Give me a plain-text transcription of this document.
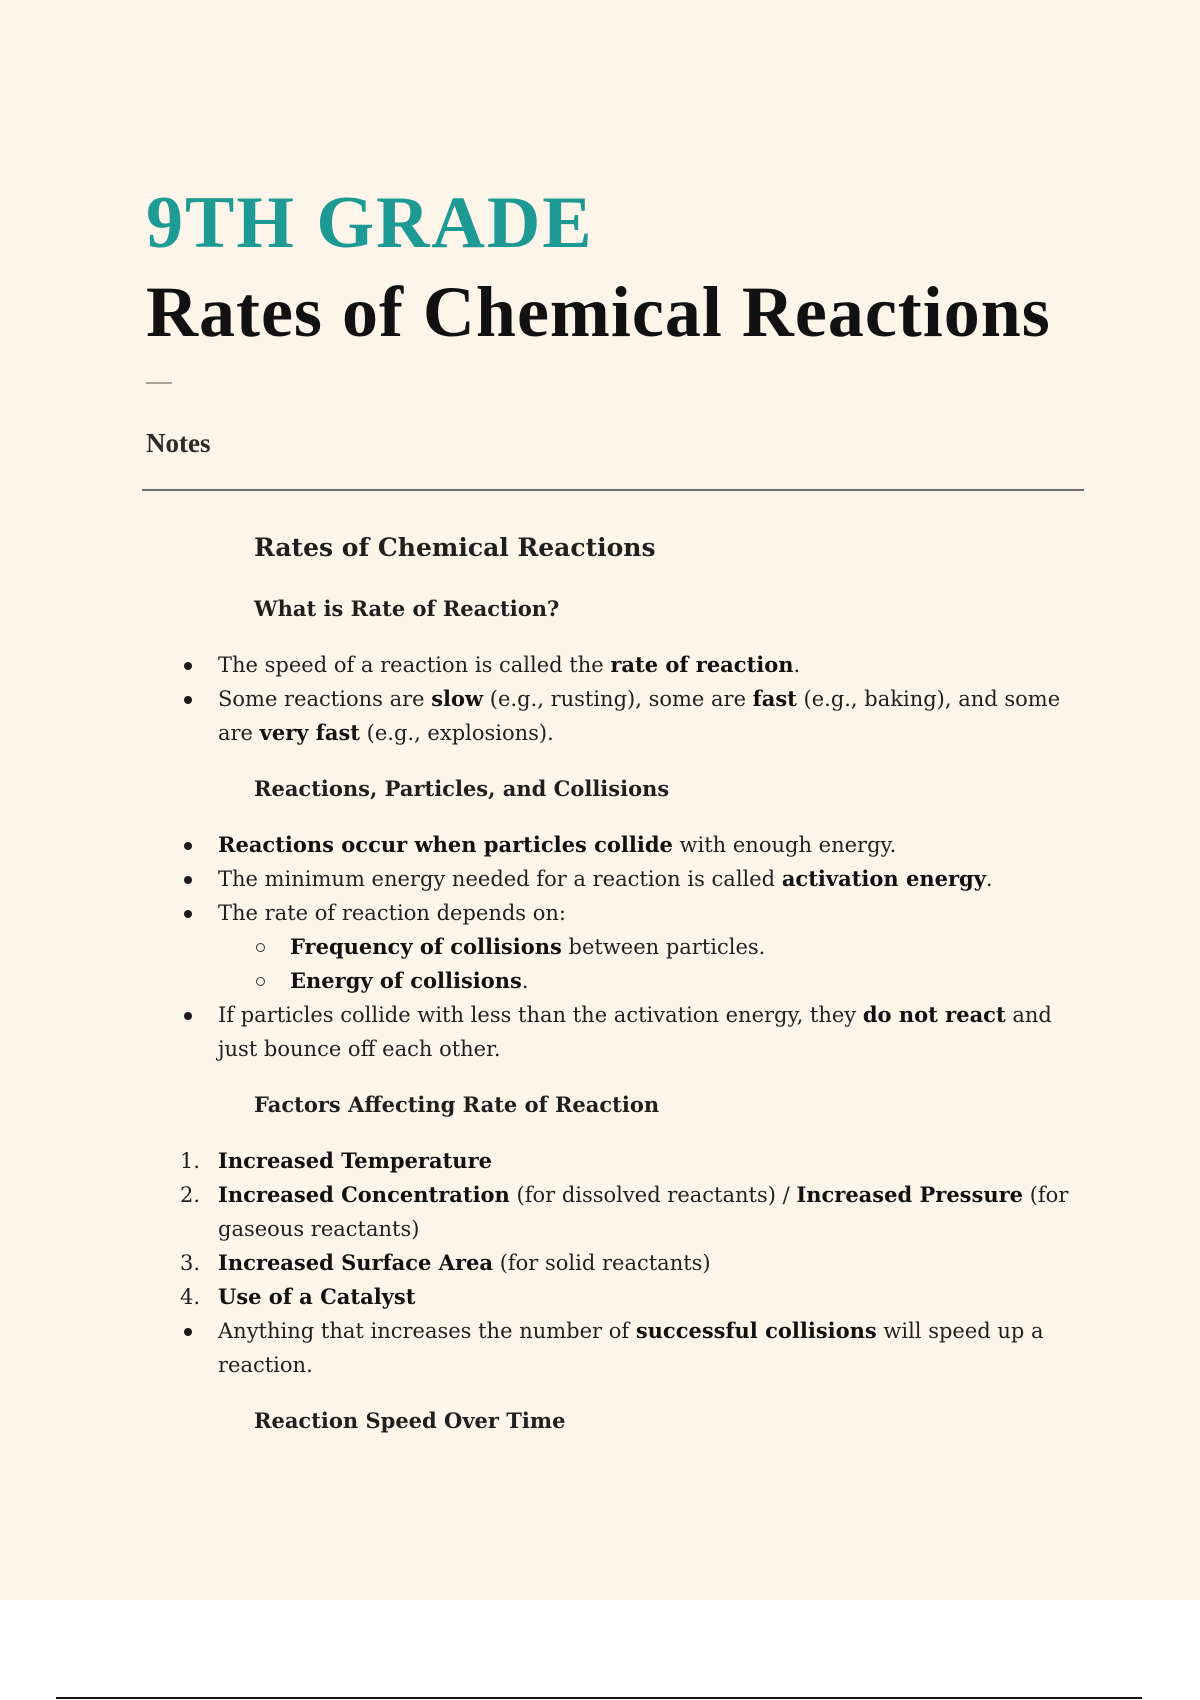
9TH GRADE
Rates of Chemical Reactions
Notes
Rates of Chemical Reactions
What is Rate of Reaction?
The speed of a reaction is called the rate of reaction.
Some reactions are slow (e.g., rusting), some are fast (e.g., baking), and some are very fast (e.g., explosions).
Reactions, Particles, and Collisions
Reactions occur when particles collide with enough energy.
The minimum energy needed for a reaction is called activation energy.
The rate of reaction depends on:
Frequency of collisions between particles.
Energy of collisions.
If particles collide with less than the activation energy, they do not react and just bounce off each other.
Factors Affecting Rate of Reaction
1. Increased Temperature
2. Increased Concentration (for dissolved reactants) / Increased Pressure (for gaseous reactants)
3. Increased Surface Area (for solid reactants)
4. Use of a Catalyst
Anything that increases the number of successful collisions will speed up a reaction.
Reaction Speed Over Time
